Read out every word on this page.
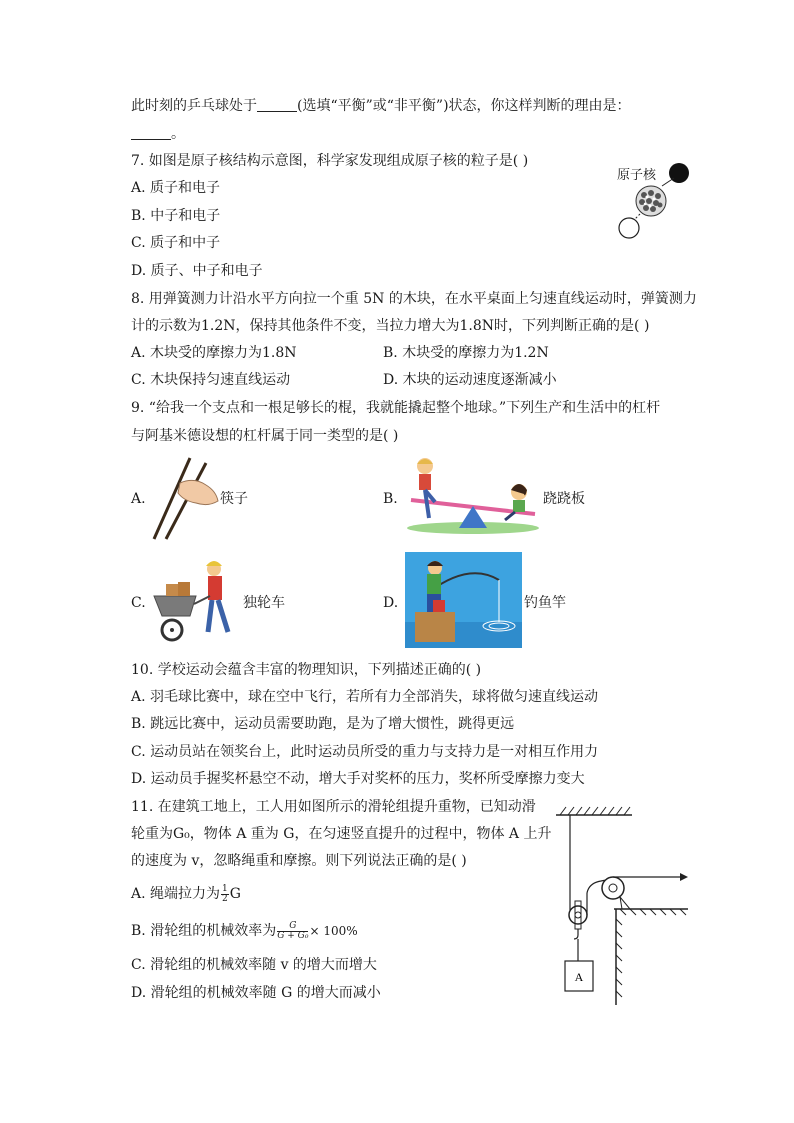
此时刻的乒乓球处于	(选填“平衡”或“非平衡”)状态，你这样判断的理由是：
。
7. 如图是原子核结构示意图，科学家发现组成原子核的粒子是( )
A. 质子和电子
B. 中子和电子
C. 质子和中子
D. 质子、中子和电子
原子核
8. 用弹簧测力计沿水平方向拉一个重 5N 的木块，在水平桌面上匀速直线运动时，弹簧测力
计的示数为1.2N，保持其他条件不变，当拉力增大为1.8N时，下列判断正确的是( )
A. 木块受的摩擦力为1.8N	B. 木块受的摩擦力为1.2N
C. 木块保持匀速直线运动	D. 木块的运动速度逐渐减小
9. “给我一个支点和一根足够长的棍，我就能撬起整个地球。”下列生产和生活中的杠杆
与阿基米德设想的杠杆属于同一类型的是( )
A.	筷子	B.	跷跷板
C.	独轮车	D.	钓鱼竿
10. 学校运动会蕴含丰富的物理知识，下列描述正确的( )
A. 羽毛球比赛中，球在空中飞行，若所有力全部消失，球将做匀速直线运动
B. 跳远比赛中，运动员需要助跑，是为了增大惯性，跳得更远
C. 运动员站在领奖台上，此时运动员所受的重力与支持力是一对相互作用力
D. 运动员手握奖杯悬空不动，增大手对奖杯的压力，奖杯所受摩擦力变大
11. 在建筑工地上，工人用如图所示的滑轮组提升重物，已知动滑
轮重为G₀，物体 A 重为 G，在匀速竖直提升的过程中，物体 A 上升
的速度为 v，忽略绳重和摩擦。则下列说法正确的是( )
A. 绳端拉力为 $\frac{1}{2}$ G
B. 滑轮组的机械效率为 $\frac{G}{\text{G + G₀}} \times 100\%$
C. 滑轮组的机械效率随 v 的增大而增大
D. 滑轮组的机械效率随 G 的增大而减小
A
